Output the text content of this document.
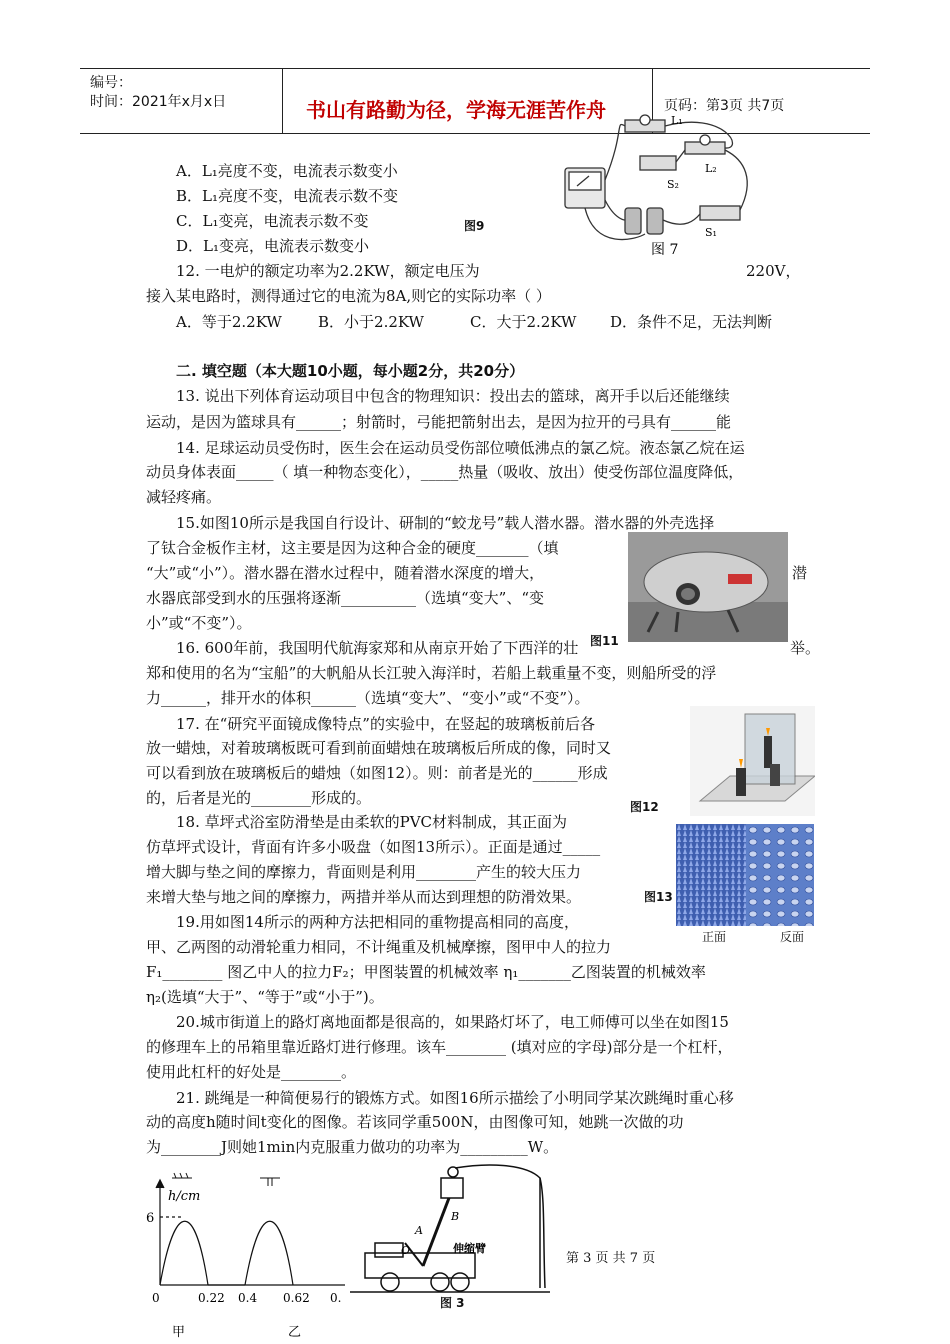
编号：
时间：2021年x月x日	书山有路勤为径，学海无涯苦作舟	页码：第3页 共7页
L₁
L₂
S₂
S₁
图 7
图9
A．L₁亮度不变，电流表示数变小
B．L₁亮度不变，电流表示数不变
C．L₁变亮，电流表示数不变
D．L₁变亮，电流表示数变小
12. 一电炉的额定功率为2.2KW，额定电压为	220V，
接入某电路时，测得通过它的电流为8A,则它的实际功率（ ）
A．等于2.2KW B．小于2.2KW	C．大于2.2KW D．条件不足，无法判断
二. 填空题（本大题10小题，每小题2分，共20分）
13. 说出下列体育运动项目中包含的物理知识：投出去的篮球，离开手以后还能继续
运动，是因为篮球具有______；射箭时，弓能把箭射出去，是因为拉开的弓具有______能
14. 足球运动员受伤时，医生会在运动员受伤部位喷低沸点的氯乙烷。液态氯乙烷在运
动员身体表面_____（ 填一种物态变化），_____热量（吸收、放出）使受伤部位温度降低，
减轻疼痛。
15.如图10所示是我国自行设计、研制的“蛟龙号”载人潜水器。潜水器的外壳选择
了钛合金板作主材，这主要是因为这种合金的硬度_______（填
“大”或“小”）。潜水器在潜水过程中，随着潜水深度的增大，	潜
水器底部受到水的压强将逐渐__________（选填“变大”、“变
小”或“不变”）。
图11
16. 600年前，我国明代航海家郑和从南京开始了下西洋的壮	举。
郑和使用的名为“宝船”的大帆船从长江驶入海洋时，若船上载重量不变，则船所受的浮
力______，排开水的体积______（选填“变大”、“变小”或“不变”）。
17. 在“研究平面镜成像特点”的实验中，在竖起的玻璃板前后各
放一蜡烛，对着玻璃板既可看到前面蜡烛在玻璃板后所成的像，同时又
可以看到放在玻璃板后的蜡烛（如图12）。则：前者是光的______形成
的，后者是光的________形成的。	图12
18. 草坪式浴室防滑垫是由柔软的PVC材料制成，其正面为
仿草坪式设计，背面有许多小吸盘（如图13所示）。正面是通过_____
增大脚与垫之间的摩擦力，背面则是利用________产生的较大压力
来增大垫与地之间的摩擦力，两措并举从而达到理想的防滑效果。	图13
正面	反面
19.用如图14所示的两种方法把相同的重物提高相同的高度，
甲、乙两图的动滑轮重力相同，不计绳重及机械摩擦，图甲中人的拉力
F₁________ 图乙中人的拉力F₂；甲图装置的机械效率 η₁_______乙图装置的机械效率
η₂(选填“大于”、“等于”或“小于”)。
20.城市街道上的路灯离地面都是很高的，如果路灯坏了，电工师傅可以坐在如图15
的修理车上的吊箱里靠近路灯进行修理。该车________ (填对应的字母)部分是一个杠杆，
使用此杠杆的好处是________。
21. 跳绳是一种简便易行的锻炼方式。如图16所示描绘了小明同学某次跳绳时重心移
动的高度h随时间t变化的图像。若该同学重500N，由图像可知，她跳一次做的功
为________J则她1min内克服重力做功的功率为_________W。
h/cm
6
0	0.22 0.4 0.62 0.
甲	乙
A
B
O	伸缩臂
图 3
第 3 页 共 7 页
